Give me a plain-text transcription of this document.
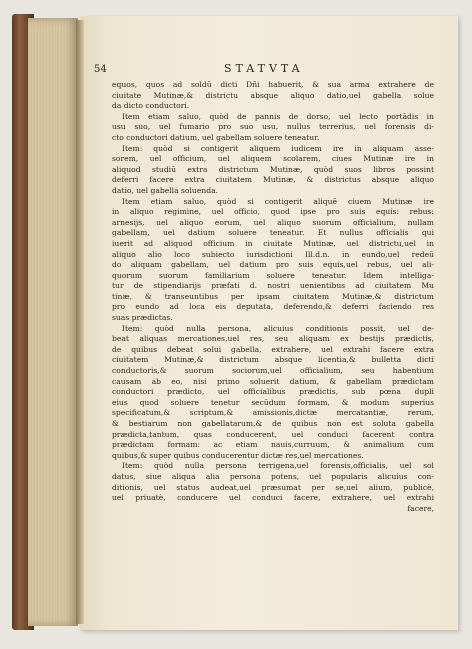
54	STATVTA
equos, quos ad soldū dicti Dñi habuerit, & sua arma extrahere de
ciuitate Mutinæ,& districtu absque aliquo datio,uel gabella solue
da dicto conductori.
Item etiam saluo, quòd de pannis de dorso, uel lecto portādis in
usu suo, uel fumario pro suo usu, nullus terrerius, uel forensis di-
cto conductori datium, uel gabellam soluere teneatur.
Item: quòd si contigerit aliquem iudicem ire in aliquam asse-
sorem, uel officium, uel aliquem scolarem, ciues Mutinæ ire in
aliquod studiū extra districtum Mutinæ, quòd suos libros possint
deferri facere extra ciuitatem Mutinæ, & districtus absque aliquo
datio, uel gabella soluenda.
Item etiam saluo, quòd si contigerit aliquē ciuem Mutinæ ire
in aliquo regimine, uel officio, quod ipse pro suis equis: rebus:
arnesijs, uel aliquo eorum, uel aliquo suorum officialium, nullam
gabellam, uel datium soluere teneatur. Et nullus officialis qui
iuerit ad aliquod officium in ciuitate Mutinæ, uel districtu,uel in
aliquo alio loco subiecto iurisdictioni Ill.d.n. in eundo,uel redeū
do aliquam gabellam, uel datium pro suis equis,uel rebus, uel ali-
quorum suorum familiarium soluere teneatur. Idem intelliga-
tur de stipendiarijs præfati d. nostri uenientibus ad ciuitatem Mu
tinæ, & transeuntibus per ipsam ciuitatem Mutinæ,& districtum
pro eundo ad loca eis deputata, deferendo,& deferri faciendo res
suas prædictas.
Item: quòd nulla persona, alicuius conditionis possit, uel de-
beat aliquas mercationes,uel res, seu aliquam ex bestijs prædictis,
de quibus debeat solui gabella, extrahere, uel extrahi facere extra
ciuitatem Mutinæ,& districtum absque licentia,& bulletta dicti
conductoris,& suorum sociorum,uel officialium, seu habentium
causam ab eo, nisi primo soluerit datium, & gabellam prædictam
conductori prædicto, uel officialibus prædictis, sub pœna dupli
eius quod soluere tenetur secūdum formam, & modum superius
specificatum,& scriptum,& amissionis,dictæ mercatantiæ, rerum,
& bestiarum non gabellatarum,& de quibus non est soluta gabella
prædicta,tantum, quas conducerent, uel conduci facerent contra
prædictam formam: ac etiam nauis,curruum, & animalium cum
quibus,& super quibus conducerentur dictæ res,uel mercationes.
Item: quòd nulla persona terrigena,uel forensis,officialis, uel sol
datus, siue aliqua alia persona potens, uel popularis alicuius con-
ditionis, uel status audeat,uel præsumat per se,uel alium, publicè,
uel priuatè, conducere uel conduci facere, extrahere, uel extrahi
facere,
